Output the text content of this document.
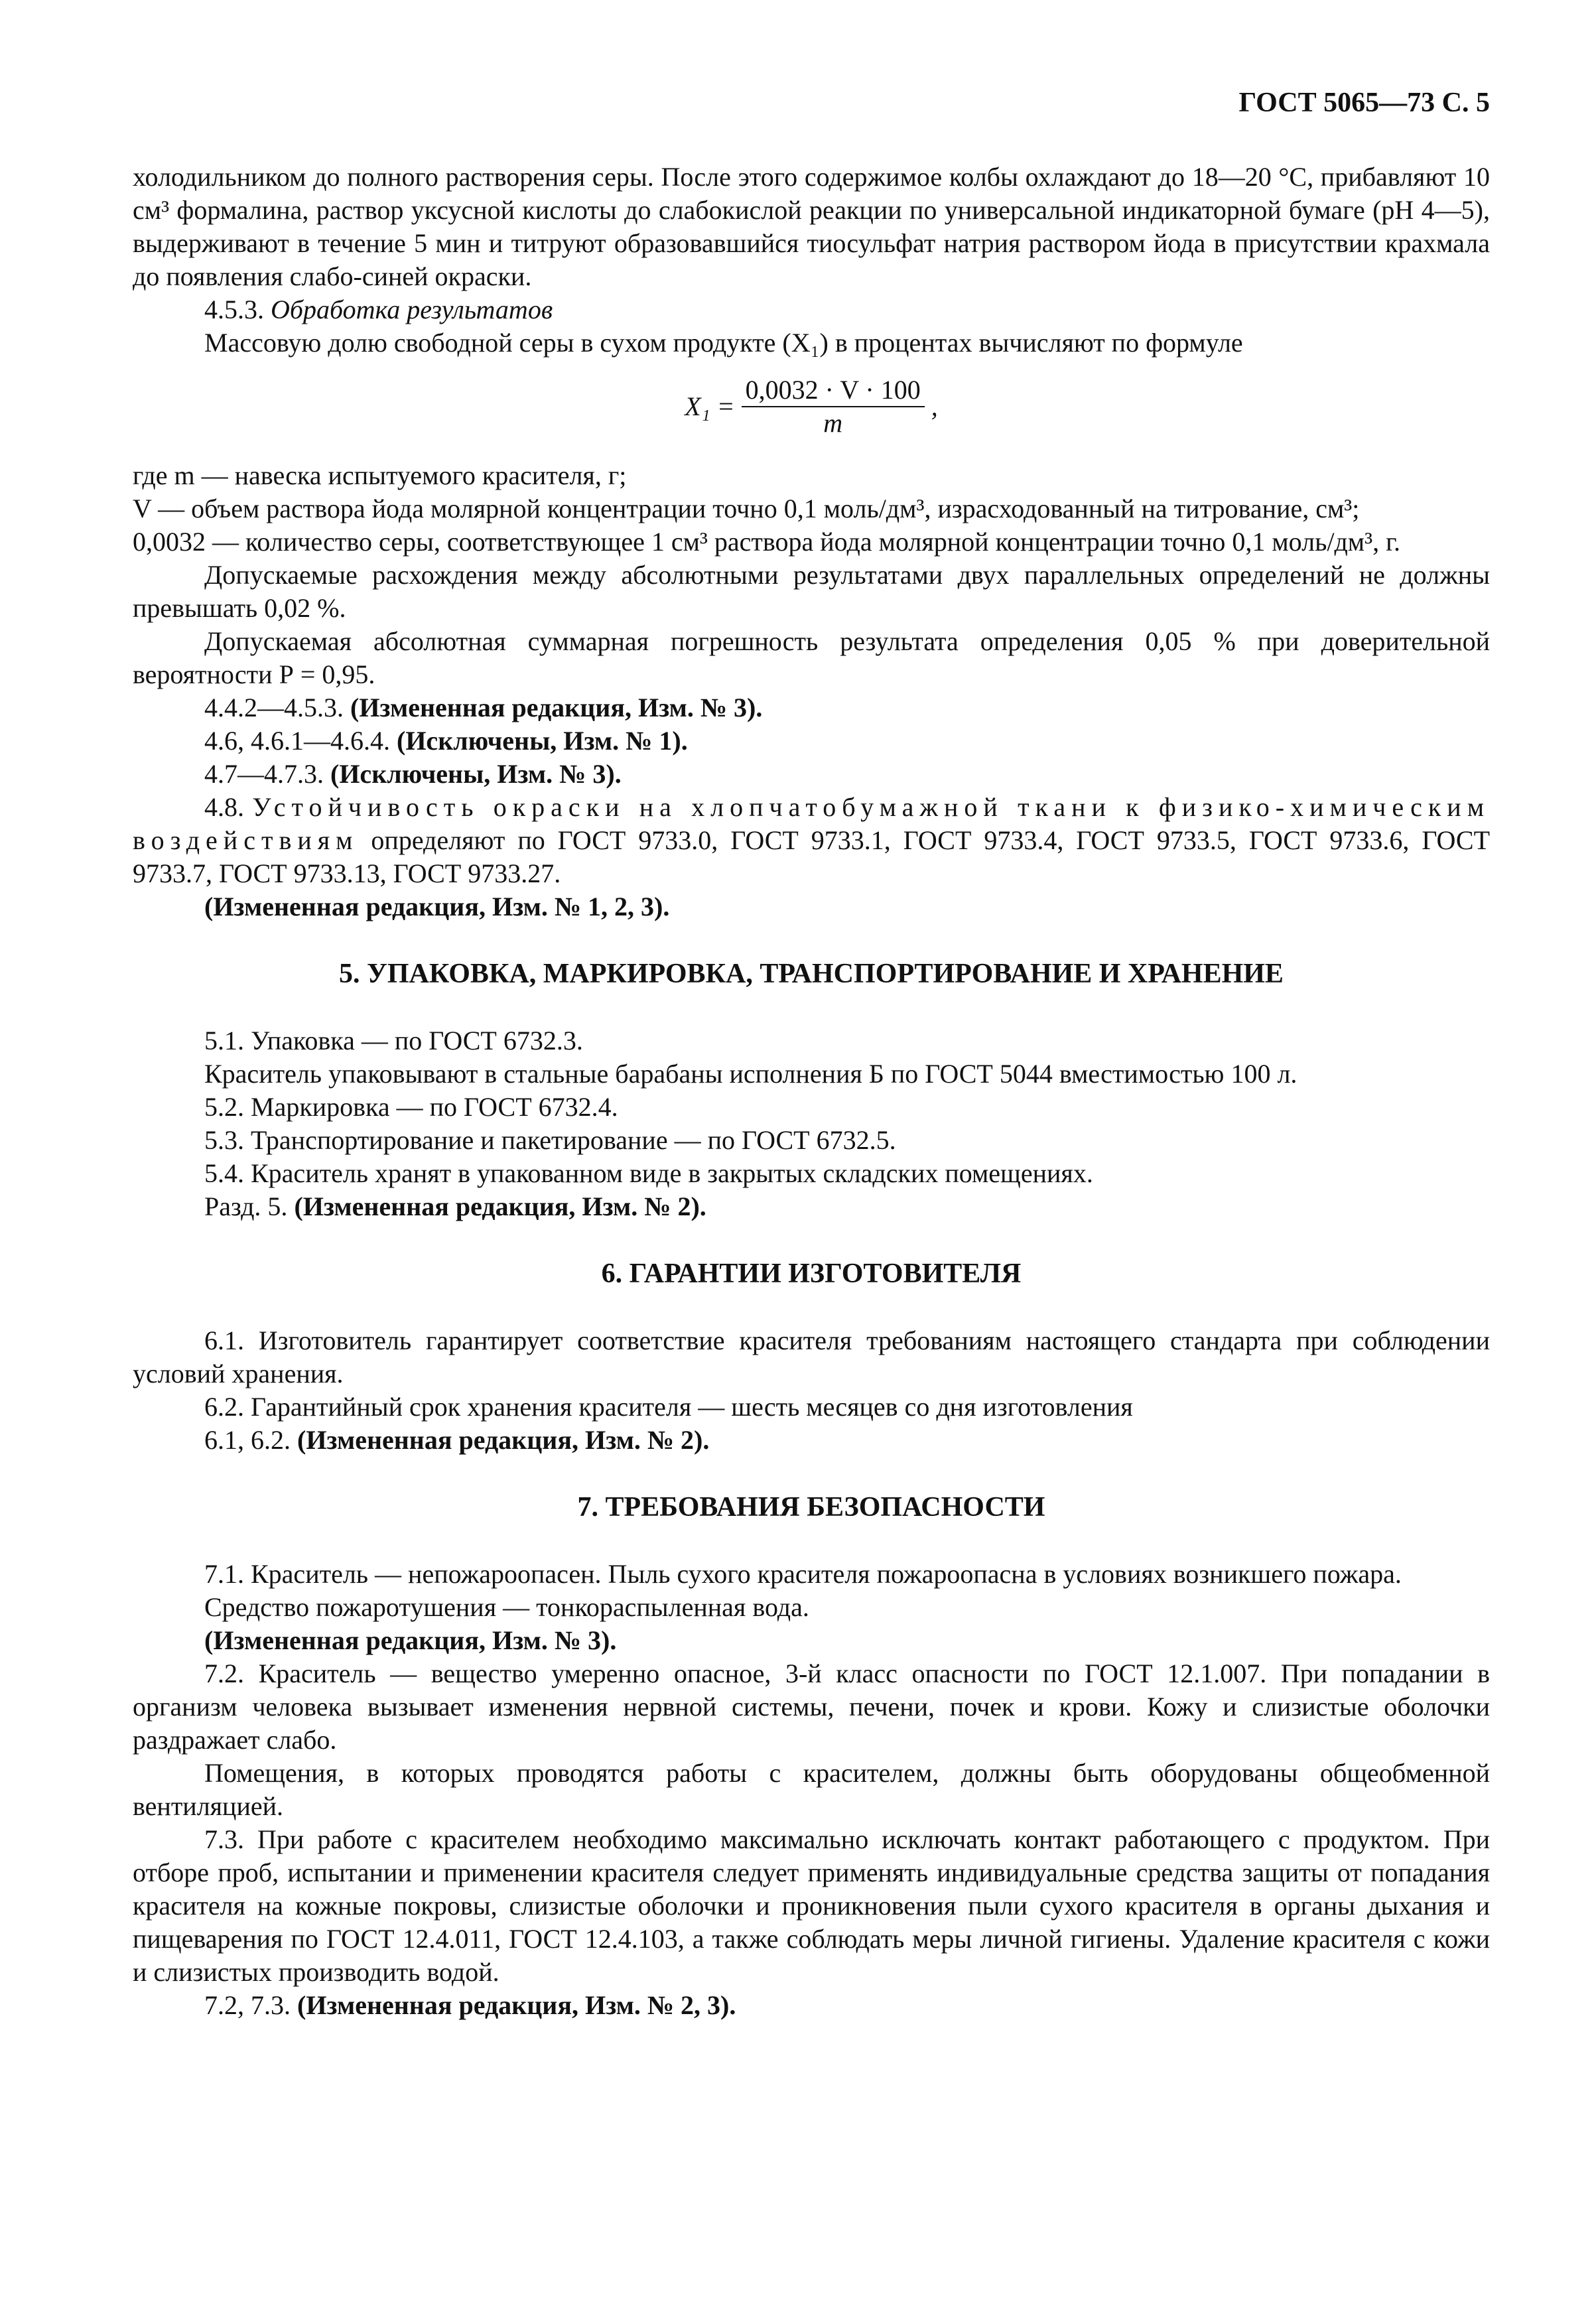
ГОСТ 5065—73 С. 5

холодильником до полного растворения серы. После этого содержимое колбы охлаждают до 18—20 °С, прибавляют 10 см³ формалина, раствор уксусной кислоты до слабокислой реакции по универсальной индикаторной бумаге (рН 4—5), выдерживают в течение 5 мин и титруют образовавшийся тиосульфат натрия раствором йода в присутствии крахмала до появления слабо-синей окраски.

4.5.3. Обработка результатов

Массовую долю свободной серы в сухом продукте (X₁) в процентах вычисляют по формуле

$X_1 = \frac{0,0032 \cdot V \cdot 100}{m}$ ,

где m — навеска испытуемого красителя, г;

V — объем раствора йода молярной концентрации точно 0,1 моль/дм³, израсходованный на титрование, см³;

0,0032 — количество серы, соответствующее 1 см³ раствора йода молярной концентрации точно 0,1 моль/дм³, г.

Допускаемые расхождения между абсолютными результатами двух параллельных определений не должны превышать 0,02 %.

Допускаемая абсолютная суммарная погрешность результата определения 0,05 % при доверительной вероятности Р = 0,95.

4.4.2—4.5.3. (Измененная редакция, Изм. № 3).

4.6, 4.6.1—4.6.4. (Исключены, Изм. № 1).

4.7—4.7.3. (Исключены, Изм. № 3).

4.8. Устойчивость окраски на хлопчатобумажной ткани к физико-химическим воздействиям определяют по ГОСТ 9733.0, ГОСТ 9733.1, ГОСТ 9733.4, ГОСТ 9733.5, ГОСТ 9733.6, ГОСТ 9733.7, ГОСТ 9733.13, ГОСТ 9733.27.

(Измененная редакция, Изм. № 1, 2, 3).

5. УПАКОВКА, МАРКИРОВКА, ТРАНСПОРТИРОВАНИЕ И ХРАНЕНИЕ

5.1. Упаковка — по ГОСТ 6732.3.

Краситель упаковывают в стальные барабаны исполнения Б по ГОСТ 5044 вместимостью 100 л.

5.2. Маркировка — по ГОСТ 6732.4.

5.3. Транспортирование и пакетирование — по ГОСТ 6732.5.

5.4. Краситель хранят в упакованном виде в закрытых складских помещениях.

Разд. 5. (Измененная редакция, Изм. № 2).

6. ГАРАНТИИ ИЗГОТОВИТЕЛЯ

6.1. Изготовитель гарантирует соответствие красителя требованиям настоящего стандарта при соблюдении условий хранения.

6.2. Гарантийный срок хранения красителя — шесть месяцев со дня изготовления

6.1, 6.2. (Измененная редакция, Изм. № 2).

7. ТРЕБОВАНИЯ БЕЗОПАСНОСТИ

7.1. Краситель — непожароопасен. Пыль сухого красителя пожароопасна в условиях возникшего пожара.

Средство пожаротушения — тонкораспыленная вода.

(Измененная редакция, Изм. № 3).

7.2. Краситель — вещество умеренно опасное, 3-й класс опасности по ГОСТ 12.1.007. При попадании в организм человека вызывает изменения нервной системы, печени, почек и крови. Кожу и слизистые оболочки раздражает слабо.

Помещения, в которых проводятся работы с красителем, должны быть оборудованы общеобменной вентиляцией.

7.3. При работе с красителем необходимо максимально исключать контакт работающего с продуктом. При отборе проб, испытании и применении красителя следует применять индивидуальные средства защиты от попадания красителя на кожные покровы, слизистые оболочки и проникновения пыли сухого красителя в органы дыхания и пищеварения по ГОСТ 12.4.011, ГОСТ 12.4.103, а также соблюдать меры личной гигиены. Удаление красителя с кожи и слизистых производить водой.

7.2, 7.3. (Измененная редакция, Изм. № 2, 3).
